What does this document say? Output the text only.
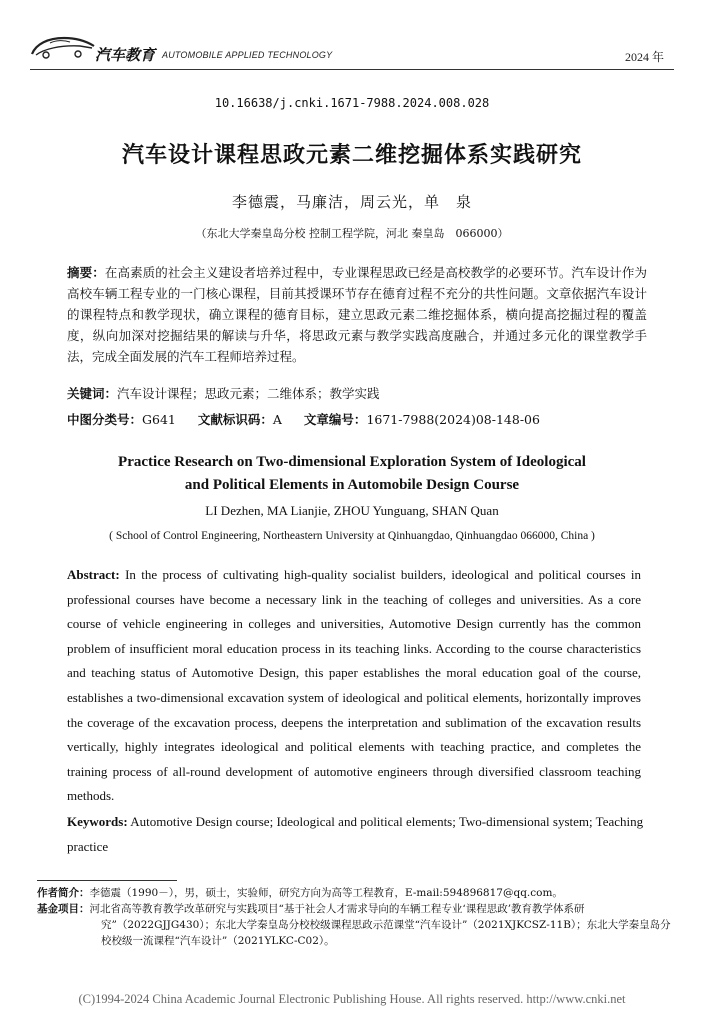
汽车教育 AUTOMOBILE APPLIED TECHNOLOGY	2024 年
10.16638/j.cnki.1671-7988.2024.008.028
汽车设计课程思政元素二维挖掘体系实践研究
李德震，马廉洁，周云光，单　泉
（东北大学秦皇岛分校 控制工程学院，河北 秦皇岛　066000）

摘要：在高素质的社会主义建设者培养过程中，专业课程思政已经是高校教学的必要环节。汽车设计作为高校车辆工程专业的一门核心课程，目前其授课环节存在德育过程不充分的共性问题。文章依据汽车设计的课程特点和教学现状，确立课程的德育目标，建立思政元素二维挖掘体系，横向提高挖掘过程的覆盖度，纵向加深对挖掘结果的解读与升华，将思政元素与教学实践高度融合，并通过多元化的课堂教学手法，完成全面发展的汽车工程师培养过程。

关键词：汽车设计课程；思政元素；二维体系；教学实践

中图分类号：G641 文献标识码：A 文章编号：1671-7988(2024)08-148-06
Practice Research on Two-dimensional Exploration System of Ideological
and Political Elements in Automobile Design Course
LI Dezhen, MA Lianjie, ZHOU Yunguang, SHAN Quan
( School of Control Engineering, Northeastern University at Qinhuangdao, Qinhuangdao 066000, China )

Abstract: In the process of cultivating high-quality socialist builders, ideological and political courses in professional courses have become a necessary link in the teaching of colleges and universities. As a core course of vehicle engineering in colleges and universities, Automotive Design currently has the common problem of insufficient moral education process in its teaching links. According to the course characteristics and teaching status of Automotive Design, this paper establishes the moral education goal of the course, establishes a two-dimensional excavation system of ideological and political elements, horizontally improves the coverage of the excavation process, deepens the interpretation and sublimation of the excavation results vertically, highly integrates ideological and political elements with teaching practice, and completes the training process of all-round development of automotive engineers through diversified classroom teaching methods.

Keywords: Automotive Design course; Ideological and political elements; Two-dimensional system; Teaching practice

作者简介：李德震（1990－），男，硕士，实验师，研究方向为高等工程教育，E-mail:594896817@qq.com。

基金项目：河北省高等教育教学改革研究与实践项目“基于社会人才需求导向的车辆工程专业‘课程思政’教育教学体系研究”（2022GJJG430）；东北大学秦皇岛分校校级课程思政示范课堂“汽车设计”（2021XJKCSZ-11B）；东北大学秦皇岛分校校级一流课程“汽车设计”（2021YLKC-C02）。

(C)1994-2024 China Academic Journal Electronic Publishing House. All rights reserved. http://www.cnki.net
